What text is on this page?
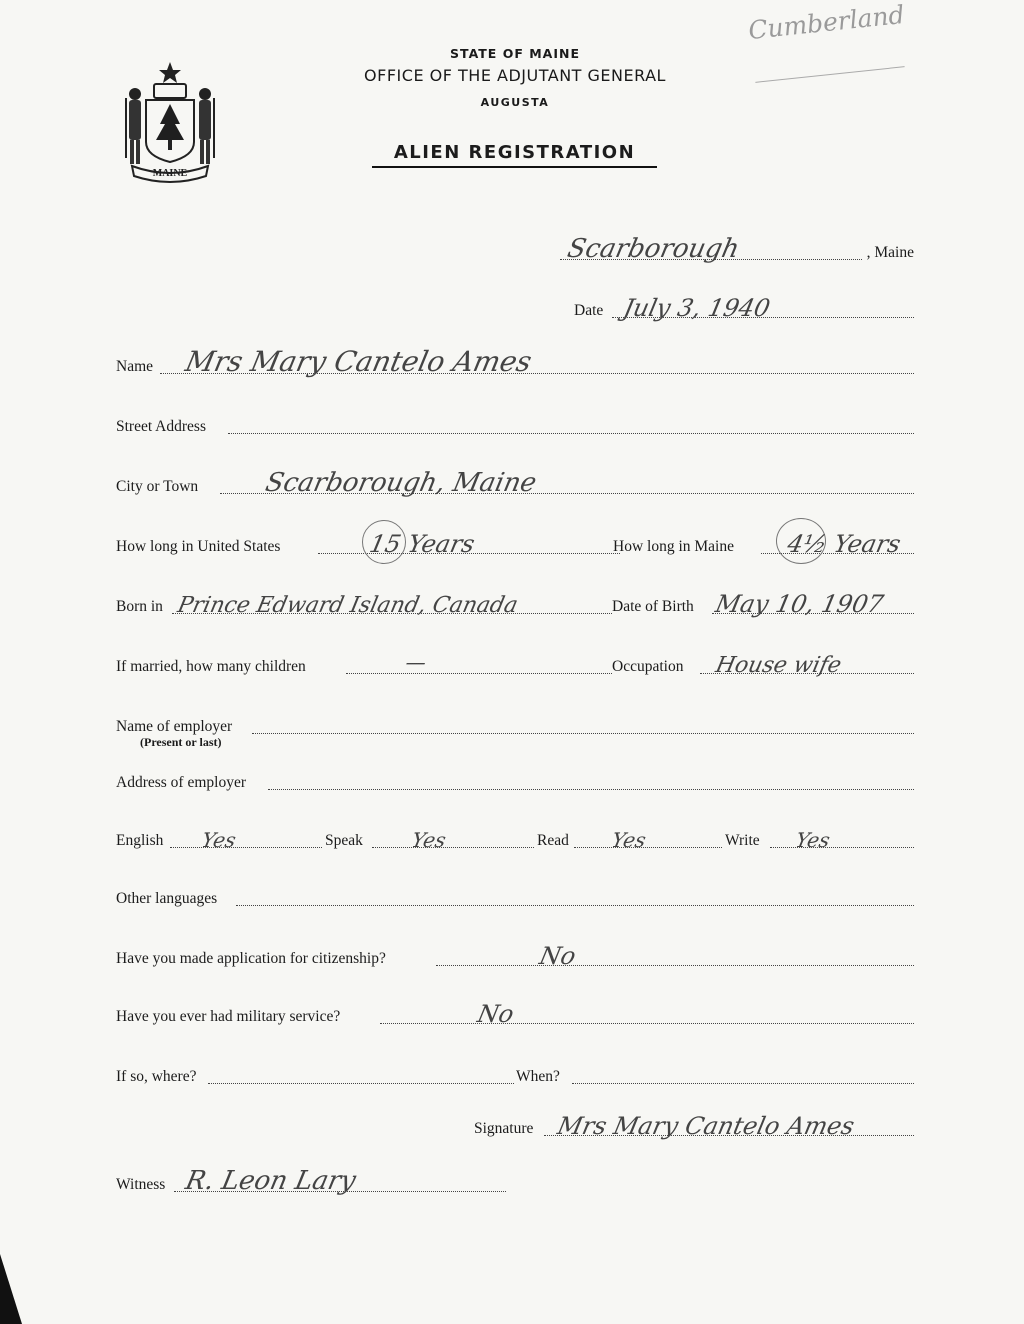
MAINE
STATE OF MAINE
OFFICE OF THE ADJUTANT GENERAL
AUGUSTA
ALIEN REGISTRATION
Cumberland
Scarborough	, Maine
Date July 3, 1940
Name Mrs Mary Cantelo Ames
Street Address
City or Town Scarborough, Maine
How long in United States	15 Years	How long in Maine 4½ Years
Born in Prince Edward Island, Canada	Date of Birth May 10, 1907
If married, how many children	—	Occupation House wife
Name of employer
(Present or last)
Address of employer
English Yes	Speak Yes	Read Yes	Write Yes
Other languages
Have you made application for citizenship?	No
Have you ever had military service?	No
If so, where?	When?
Signature Mrs Mary Cantelo Ames
Witness R. Leon Lary
